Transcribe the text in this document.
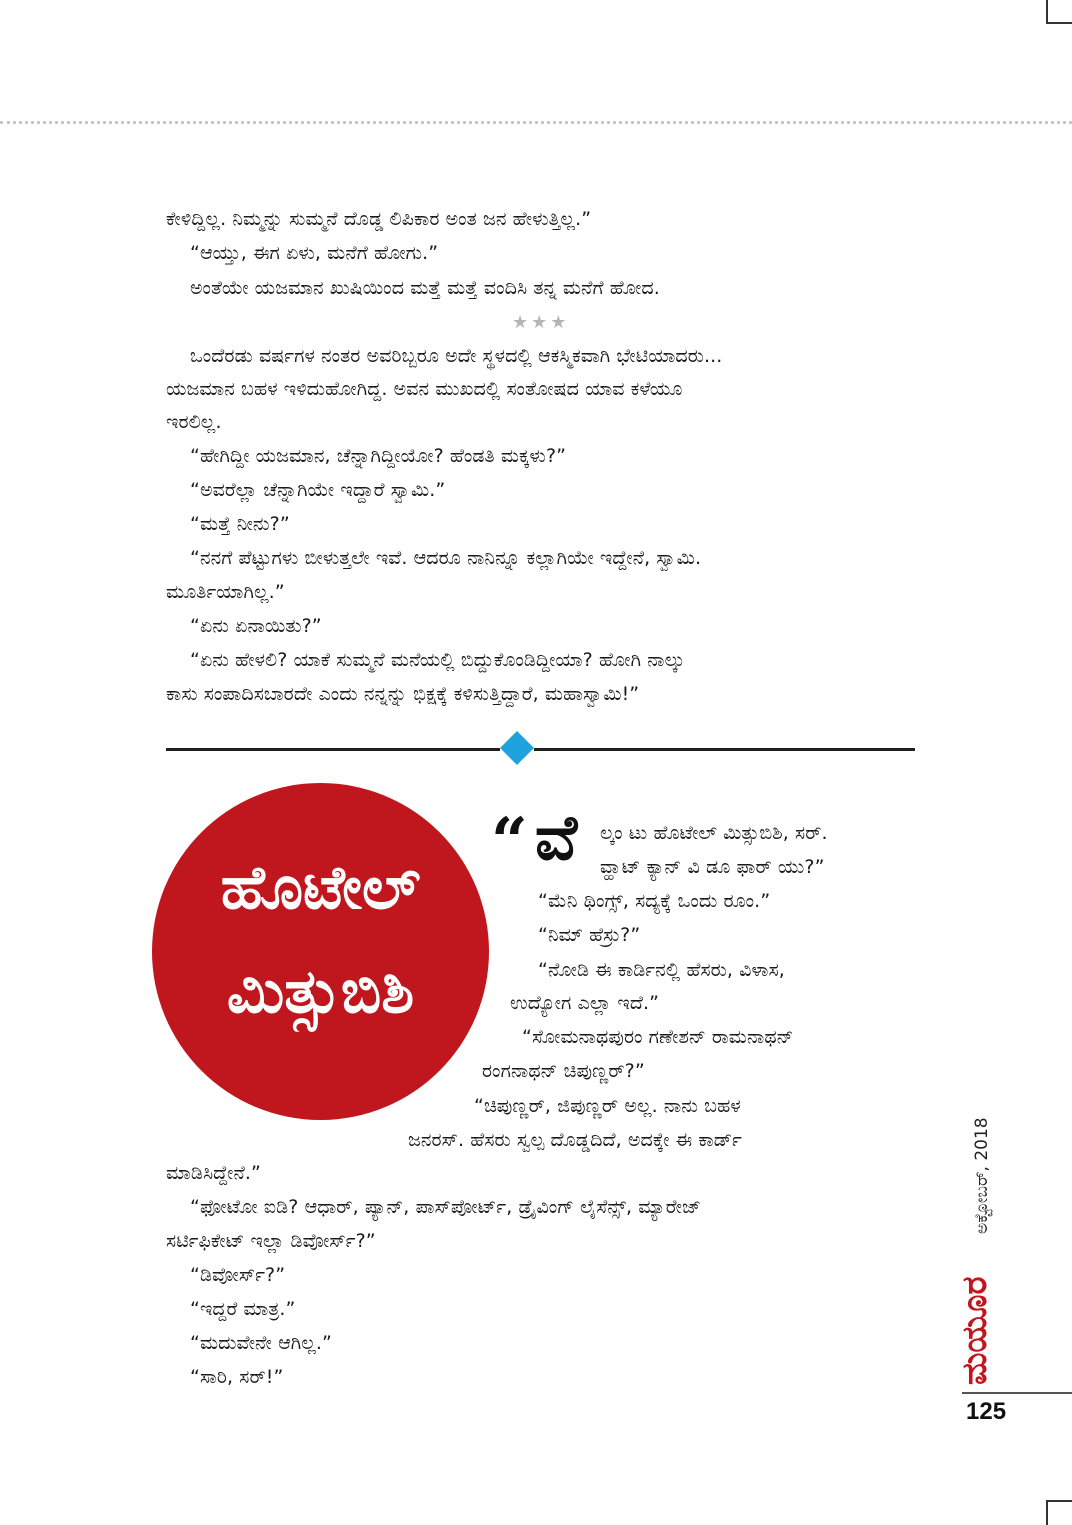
ಕೇಳಿದ್ದಿಲ್ಲ. ನಿಮ್ಮನ್ನು ಸುಮ್ಮನೆ ದೊಡ್ಡ ಲಿಪಿಕಾರ ಅಂತ ಜನ ಹೇಳುತ್ತಿಲ್ಲ.”
“ಆಯ್ತು, ಈಗ ಏಳು, ಮನೆಗೆ ಹೋಗು.”
ಅಂತೆಯೇ ಯಜಮಾನ ಖುಷಿಯಿಂದ ಮತ್ತೆ ಮತ್ತೆ ವಂದಿಸಿ ತನ್ನ ಮನೆಗೆ ಹೋದ.
★★★
ಒಂದೆರಡು ವರ್ಷಗಳ ನಂತರ ಅವರಿಬ್ಬರೂ ಅದೇ ಸ್ಥಳದಲ್ಲಿ ಆಕಸ್ಮಿಕವಾಗಿ ಭೇಟಿಯಾದರು...
ಯಜಮಾನ ಬಹಳ ಇಳಿದುಹೋಗಿದ್ದ. ಅವನ ಮುಖದಲ್ಲಿ ಸಂತೋಷದ ಯಾವ ಕಳೆಯೂ
ಇರಲಿಲ್ಲ.
“ಹೇಗಿದ್ದೀ ಯಜಮಾನ, ಚೆನ್ನಾಗಿದ್ದೀಯೋ? ಹೆಂಡತಿ ಮಕ್ಕಳು?”
“ಅವರೆಲ್ಲಾ ಚೆನ್ನಾಗಿಯೇ ಇದ್ದಾರೆ ಸ್ವಾಮಿ.”
“ಮತ್ತೆ ನೀನು?”
“ನನಗೆ ಪೆಟ್ಟುಗಳು ಬೀಳುತ್ತಲೇ ಇವೆ. ಆದರೂ ನಾನಿನ್ನೂ ಕಲ್ಲಾಗಿಯೇ ಇದ್ದೇನೆ, ಸ್ವಾಮಿ.
ಮೂರ್ತಿಯಾಗಿಲ್ಲ.”
“ಏನು ಏನಾಯಿತು?”
“ಏನು ಹೇಳಲಿ? ಯಾಕೆ ಸುಮ್ಮನೆ ಮನೆಯಲ್ಲಿ ಬಿದ್ದುಕೊಂಡಿದ್ದೀಯಾ? ಹೋಗಿ ನಾಲ್ಕು
ಕಾಸು ಸಂಪಾದಿಸಬಾರದೇ ಎಂದು ನನ್ನನ್ನು ಭಿಕ್ಷಕ್ಕೆ ಕಳಿಸುತ್ತಿದ್ದಾರೆ, ಮಹಾಸ್ವಾಮಿ!”
ಹೊಟೇಲ್
ಮಿತ್ಸುಬಿಶಿ
“ ವೆ ಲ್ಕಂ ಟು ಹೊಟೇಲ್ ಮಿತ್ಸುಬಿಶಿ, ಸರ್.
ವ್ಹಾಟ್ ಕ್ಯಾನ್ ವಿ ಡೂ ಫಾರ್ ಯು?”
“ಮೆನಿ ಥಿಂಗ್ಸ್, ಸದ್ಯಕ್ಕೆ ಒಂದು ರೂಂ.”
“ನಿಮ್ ಹೆಸ್ರು?”
“ನೋಡಿ ಈ ಕಾರ್ಡಿನಲ್ಲಿ ಹೆಸರು, ವಿಳಾಸ,
ಉದ್ಯೋಗ ಎಲ್ಲಾ ಇದೆ.”
“ಸೋಮನಾಥಪುರಂ ಗಣೇಶನ್ ರಾಮನಾಥನ್
ರಂಗನಾಥನ್ ಚಿಪುಣ್ಣರ್?”
“ಚಿಪುಣ್ಣರ್, ಜಿಪುಣ್ಣರ್ ಅಲ್ಲ. ನಾನು ಬಹಳ
ಜನರಸ್. ಹೆಸರು ಸ್ವಲ್ಪ ದೊಡ್ಡದಿದೆ, ಅದಕ್ಕೇ ಈ ಕಾರ್ಡ್
ಮಾಡಿಸಿದ್ದೇನೆ.”
“ಫೋಟೋ ಐಡಿ? ಆಧಾರ್, ಪ್ಯಾನ್, ಪಾಸ್‌ಪೋರ್ಟ್, ಡ್ರೈವಿಂಗ್ ಲೈಸೆನ್ಸ್, ಮ್ಯಾರೇಜ್
ಸರ್ಟಿಫಿಕೇಟ್ ಇಲ್ಲಾ ಡಿವೋರ್ಸ್?”
“ಡಿವೋರ್ಸ್?”
“ಇದ್ದರೆ ಮಾತ್ರ.”
“ಮದುವೇನೇ ಆಗಿಲ್ಲ.”
“ಸಾರಿ, ಸರ್!”
ಅಕ್ಟೋಬರ್, 2018
ಮಯೂರ
125
